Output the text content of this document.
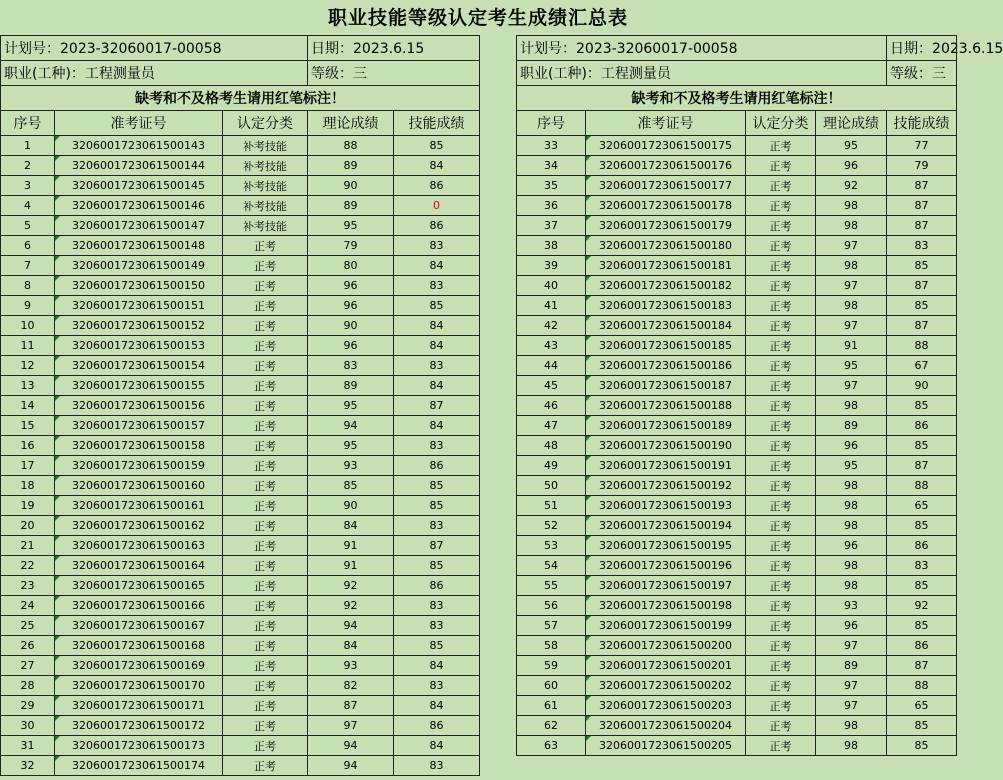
职业技能等级认定考生成绩汇总表
计划号：2023-32060017-00058			日期：2023.6.15	
职业(工种)：工程测量员			等级：三	
缺考和不及格考生请用红笔标注！				
序号	准考证号	认定分类	理论成绩	技能成绩
1	3206001723061500143	补考技能	88	85
2	3206001723061500144	补考技能	89	84
3	3206001723061500145	补考技能	90	86
4	3206001723061500146	补考技能	89	0
5	3206001723061500147	补考技能	95	86
6	3206001723061500148	正考	79	83
7	3206001723061500149	正考	80	84
8	3206001723061500150	正考	96	83
9	3206001723061500151	正考	96	85
10	3206001723061500152	正考	90	84
11	3206001723061500153	正考	96	84
12	3206001723061500154	正考	83	83
13	3206001723061500155	正考	89	84
14	3206001723061500156	正考	95	87
15	3206001723061500157	正考	94	84
16	3206001723061500158	正考	95	83
17	3206001723061500159	正考	93	86
18	3206001723061500160	正考	85	85
19	3206001723061500161	正考	90	85
20	3206001723061500162	正考	84	83
21	3206001723061500163	正考	91	87
22	3206001723061500164	正考	91	85
23	3206001723061500165	正考	92	86
24	3206001723061500166	正考	92	83
25	3206001723061500167	正考	94	83
26	3206001723061500168	正考	84	85
27	3206001723061500169	正考	93	84
28	3206001723061500170	正考	82	83
29	3206001723061500171	正考	87	84
30	3206001723061500172	正考	97	86
31	3206001723061500173	正考	94	84
32	3206001723061500174	正考	94	83
计划号：2023-32060017-00058				日期：2023.6.15
职业(工种)：工程测量员				等级：三
缺考和不及格考生请用红笔标注！				
序号	准考证号	认定分类	理论成绩	技能成绩
33	3206001723061500175	正考	95	77
34	3206001723061500176	正考	96	79
35	3206001723061500177	正考	92	87
36	3206001723061500178	正考	98	87
37	3206001723061500179	正考	98	87
38	3206001723061500180	正考	97	83
39	3206001723061500181	正考	98	85
40	3206001723061500182	正考	97	87
41	3206001723061500183	正考	98	85
42	3206001723061500184	正考	97	87
43	3206001723061500185	正考	91	88
44	3206001723061500186	正考	95	67
45	3206001723061500187	正考	97	90
46	3206001723061500188	正考	98	85
47	3206001723061500189	正考	89	86
48	3206001723061500190	正考	96	85
49	3206001723061500191	正考	95	87
50	3206001723061500192	正考	98	88
51	3206001723061500193	正考	98	65
52	3206001723061500194	正考	98	85
53	3206001723061500195	正考	96	86
54	3206001723061500196	正考	98	83
55	3206001723061500197	正考	98	85
56	3206001723061500198	正考	93	92
57	3206001723061500199	正考	96	85
58	3206001723061500200	正考	97	86
59	3206001723061500201	正考	89	87
60	3206001723061500202	正考	97	88
61	3206001723061500203	正考	97	65
62	3206001723061500204	正考	98	85
63	3206001723061500205	正考	98	85
